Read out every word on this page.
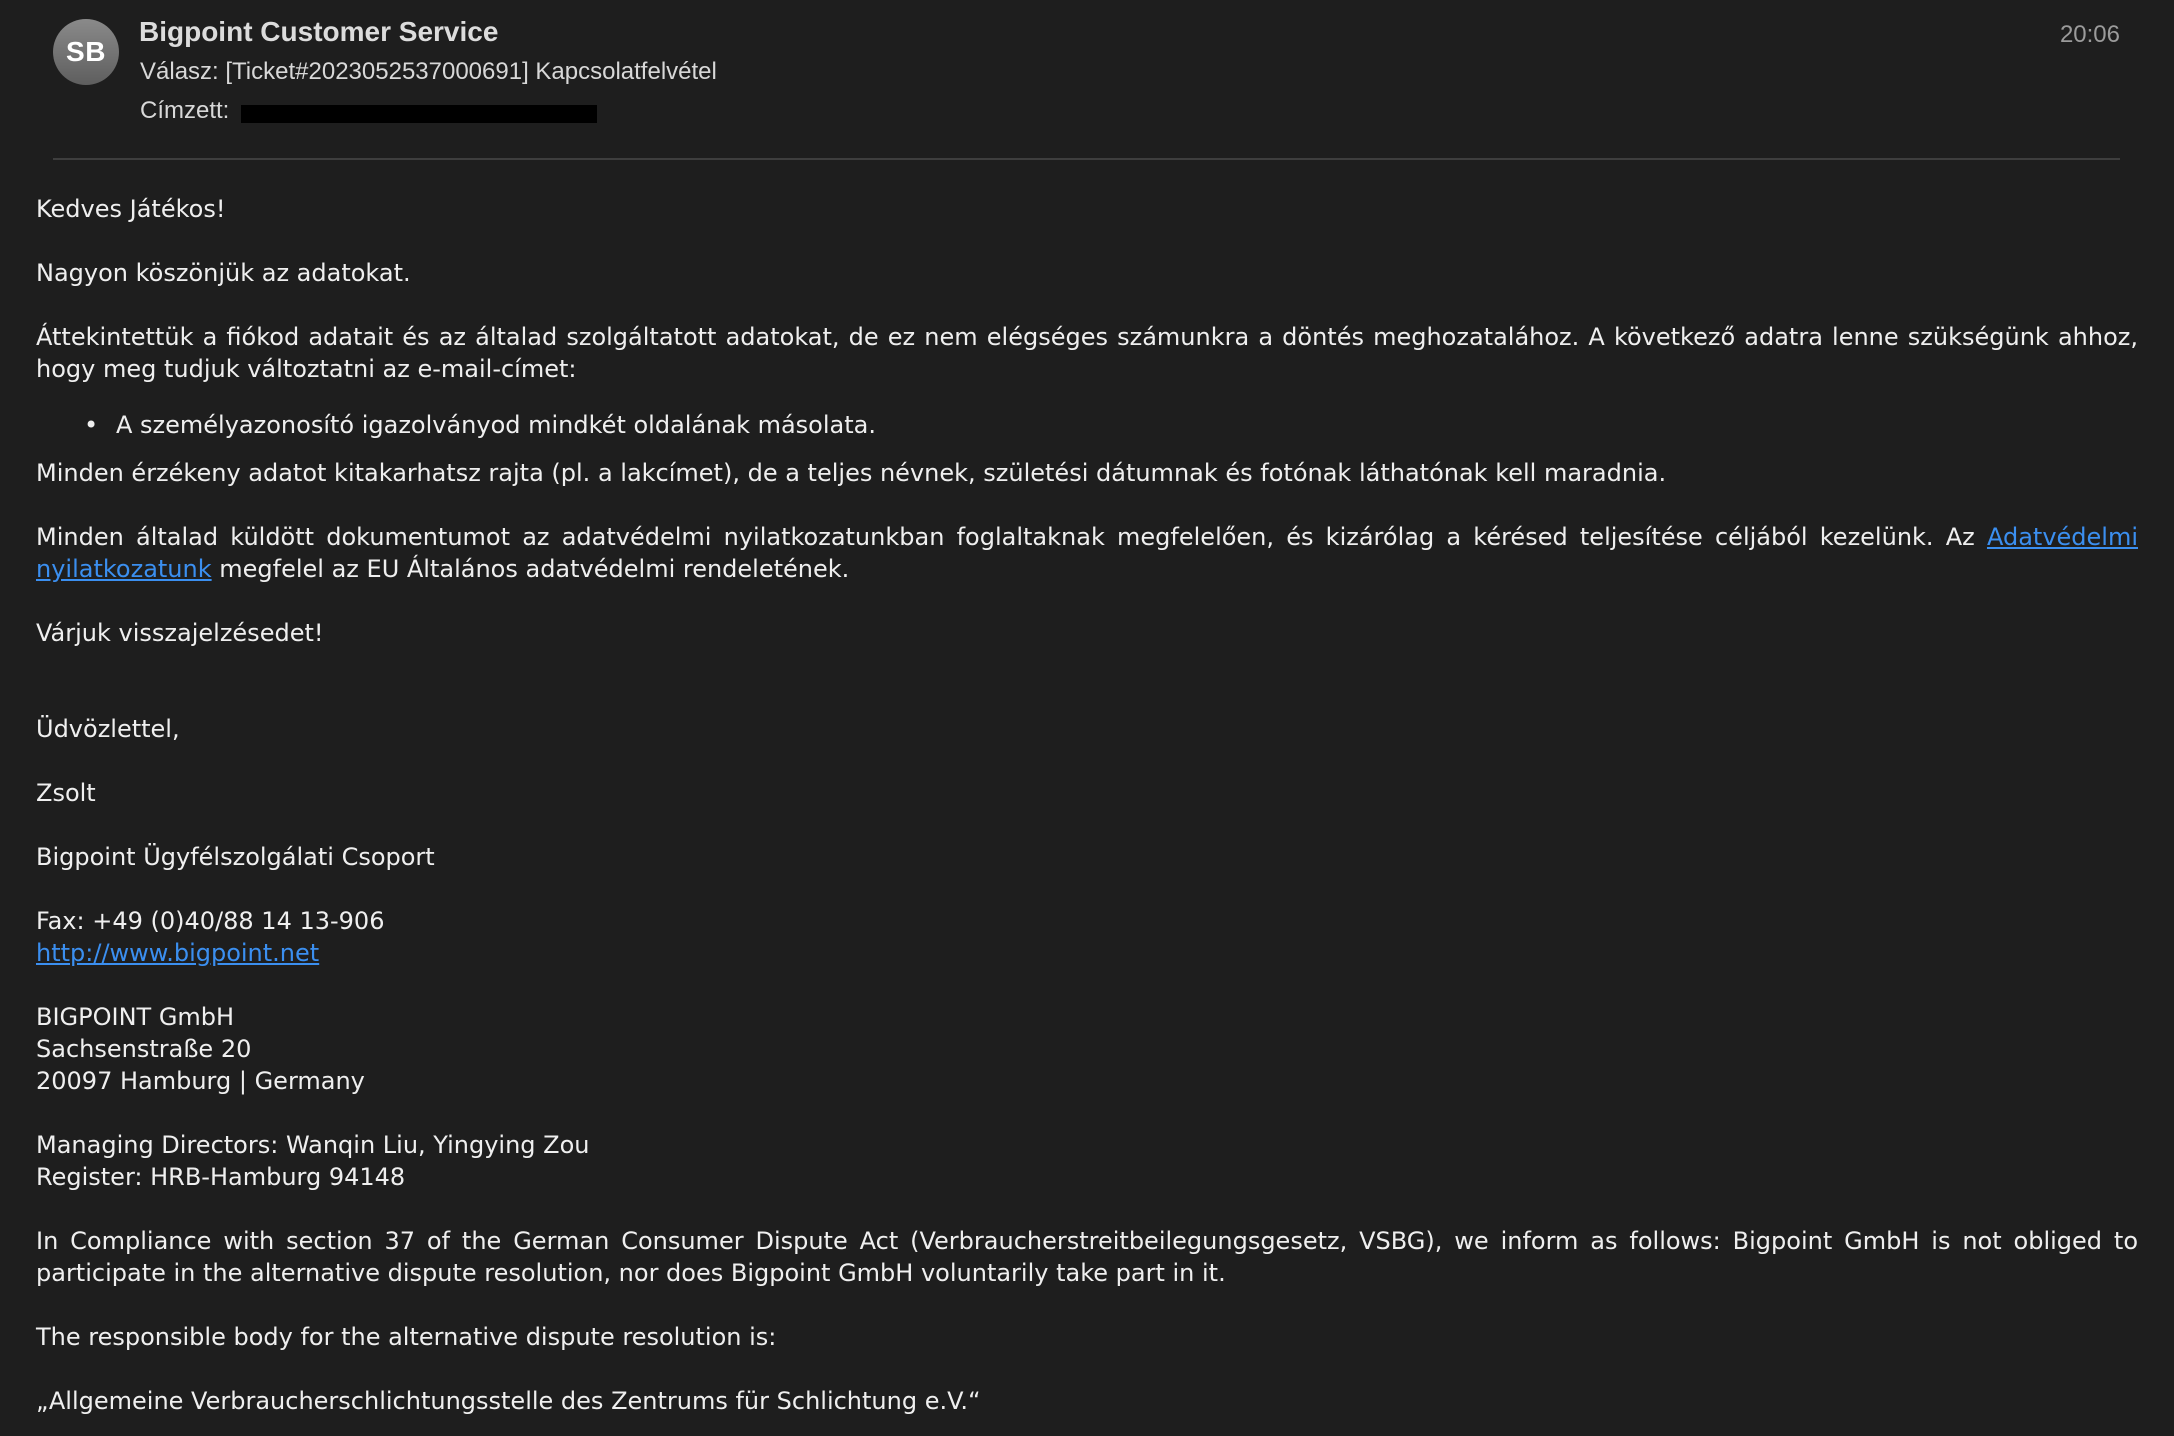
SB
Bigpoint Customer Service
Válasz: [Ticket#2023052537000691] Kapcsolatfelvétel
Címzett:
20:06

Kedves Játékos!

Nagyon köszönjük az adatokat.

Áttekintettük a fiókod adatait és az általad szolgáltatott adatokat, de ez nem elégséges számunkra a döntés meghozatalához. A következő adatra lenne szükségünk ahhoz, hogy meg tudjuk változtatni az e-mail-címet:

• A személyazonosító igazolványod mindkét oldalának másolata.

Minden érzékeny adatot kitakarhatsz rajta (pl. a lakcímet), de a teljes névnek, születési dátumnak és fotónak láthatónak kell maradnia.

Minden általad küldött dokumentumot az adatvédelmi nyilatkozatunkban foglaltaknak megfelelően, és kizárólag a kérésed teljesítése céljából kezelünk. Az Adatvédelmi nyilatkozatunk megfelel az EU Általános adatvédelmi rendeletének.

Várjuk visszajelzésedet!

Üdvözlettel,

Zsolt

Bigpoint Ügyfélszolgálati Csoport

Fax: +49 (0)40/88 14 13-906
http://www.bigpoint.net

BIGPOINT GmbH
Sachsenstraße 20
20097 Hamburg | Germany

Managing Directors: Wanqin Liu, Yingying Zou
Register: HRB-Hamburg 94148

In Compliance with section 37 of the German Consumer Dispute Act (Verbraucherstreitbeilegungsgesetz, VSBG), we inform as follows: Bigpoint GmbH is not obliged to participate in the alternative dispute resolution, nor does Bigpoint GmbH voluntarily take part in it.

The responsible body for the alternative dispute resolution is:

„Allgemeine Verbraucherschlichtungsstelle des Zentrums für Schlichtung e.V.“
